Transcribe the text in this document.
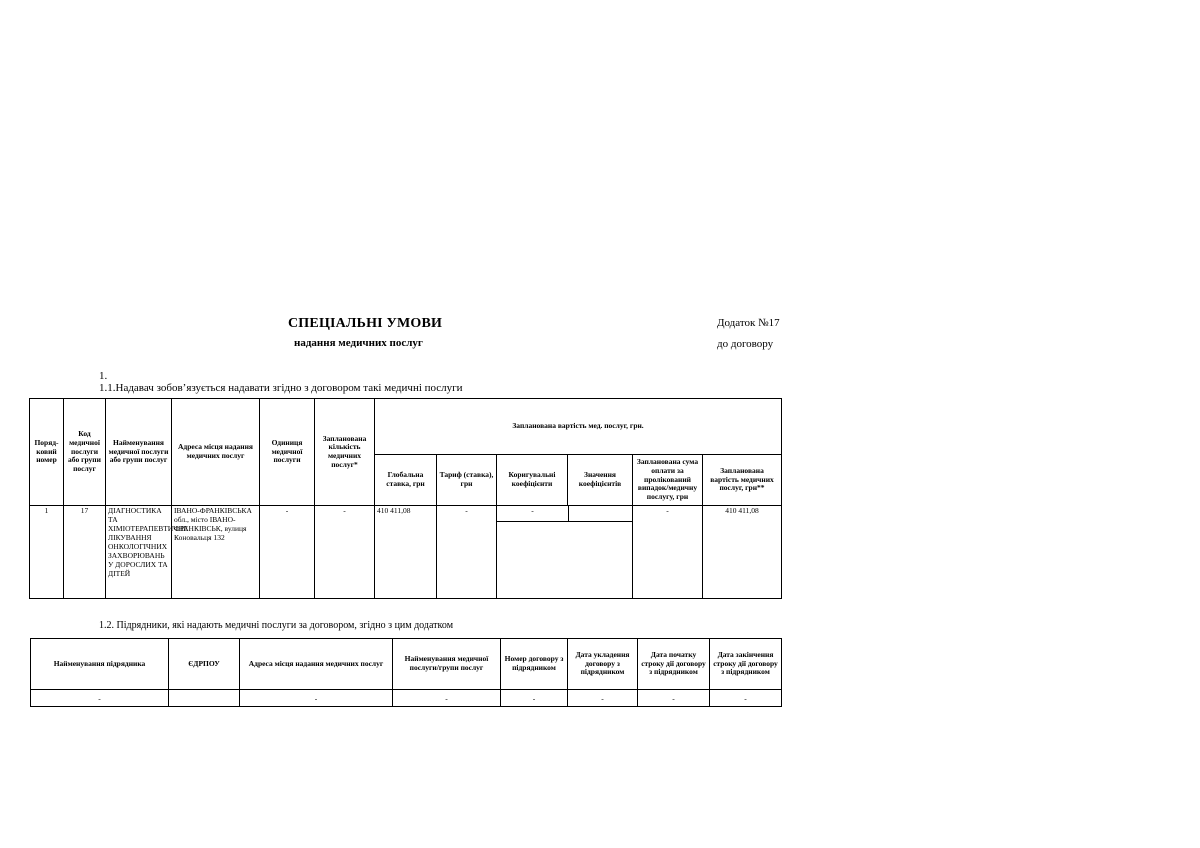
СПЕЦІАЛЬНІ УМОВИ
надання медичних послуг
Додаток №17
до договору
1.
1.1.Надавач зобов’язується надавати згідно з договором такі медичні послуги
Поряд-ковий номер	Код медичної послуги або групи послуг	Найменування медичної послуги або групи послуг	Адреса місця надання медичних послуг	Одиниця медичної послуги	Запланована кількість медичних послуг*	Запланована вартість мед. послуг, грн.					
						Глобальна ставка, грн	Тариф (ставка), грн	Коригувальні коефіцієнти	Значення коефіцієнтів	Запланована сума оплати за пролікований випадок/медичну послугу, грн	Запланована вартість медичних послуг, грн**
1	17	ДІАГНОСТИКА ТА ХІМІОТЕРАПЕВТИЧНЕ ЛІКУВАННЯ ОНКОЛОГІЧНИХ ЗАХВОРЮВАНЬ У ДОРОСЛИХ ТА ДІТЕЙ	ІВАНО-ФРАНКІВСЬКА обл., місто ІВАНО-ФРАНКІВСЬК, вулиця Коновальця 132	-	-	410 411,08	-	-		-	410 411,08
1.2. Підрядники, які надають медичні послуги за договором, згідно з цим додатком
Найменування підрядника	ЄДРПОУ	Адреса місця надання медичних послуг	Найменування медичної послуги/групи послуг	Номер договору з підрядником	Дата укладення договору з підрядником	Дата початку строку дії договору з підрядником	Дата закінчення строку дії договору з підрядником
-		-	-	-	-	-	-
